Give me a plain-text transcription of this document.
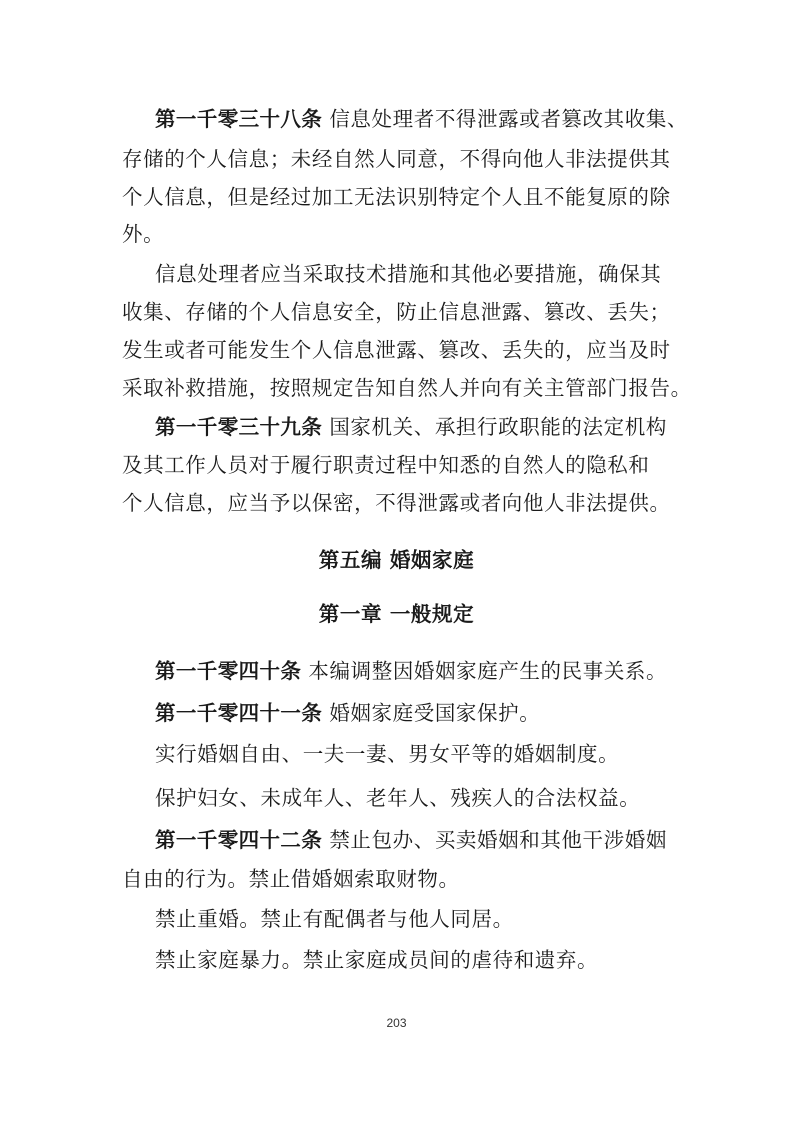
第一千零三十八条 信息处理者不得泄露或者篡改其收集、
存储的个人信息；未经自然人同意，不得向他人非法提供其
个人信息，但是经过加工无法识别特定个人且不能复原的除
外。
信息处理者应当采取技术措施和其他必要措施，确保其
收集、存储的个人信息安全，防止信息泄露、篡改、丢失；
发生或者可能发生个人信息泄露、篡改、丢失的，应当及时
采取补救措施，按照规定告知自然人并向有关主管部门报告。
第一千零三十九条 国家机关、承担行政职能的法定机构
及其工作人员对于履行职责过程中知悉的自然人的隐私和
个人信息，应当予以保密，不得泄露或者向他人非法提供。
第五编 婚姻家庭
第一章 一般规定
第一千零四十条 本编调整因婚姻家庭产生的民事关系。
第一千零四十一条 婚姻家庭受国家保护。
实行婚姻自由、一夫一妻、男女平等的婚姻制度。
保护妇女、未成年人、老年人、残疾人的合法权益。
第一千零四十二条 禁止包办、买卖婚姻和其他干涉婚姻
自由的行为。禁止借婚姻索取财物。
禁止重婚。禁止有配偶者与他人同居。
禁止家庭暴力。禁止家庭成员间的虐待和遗弃。
203
